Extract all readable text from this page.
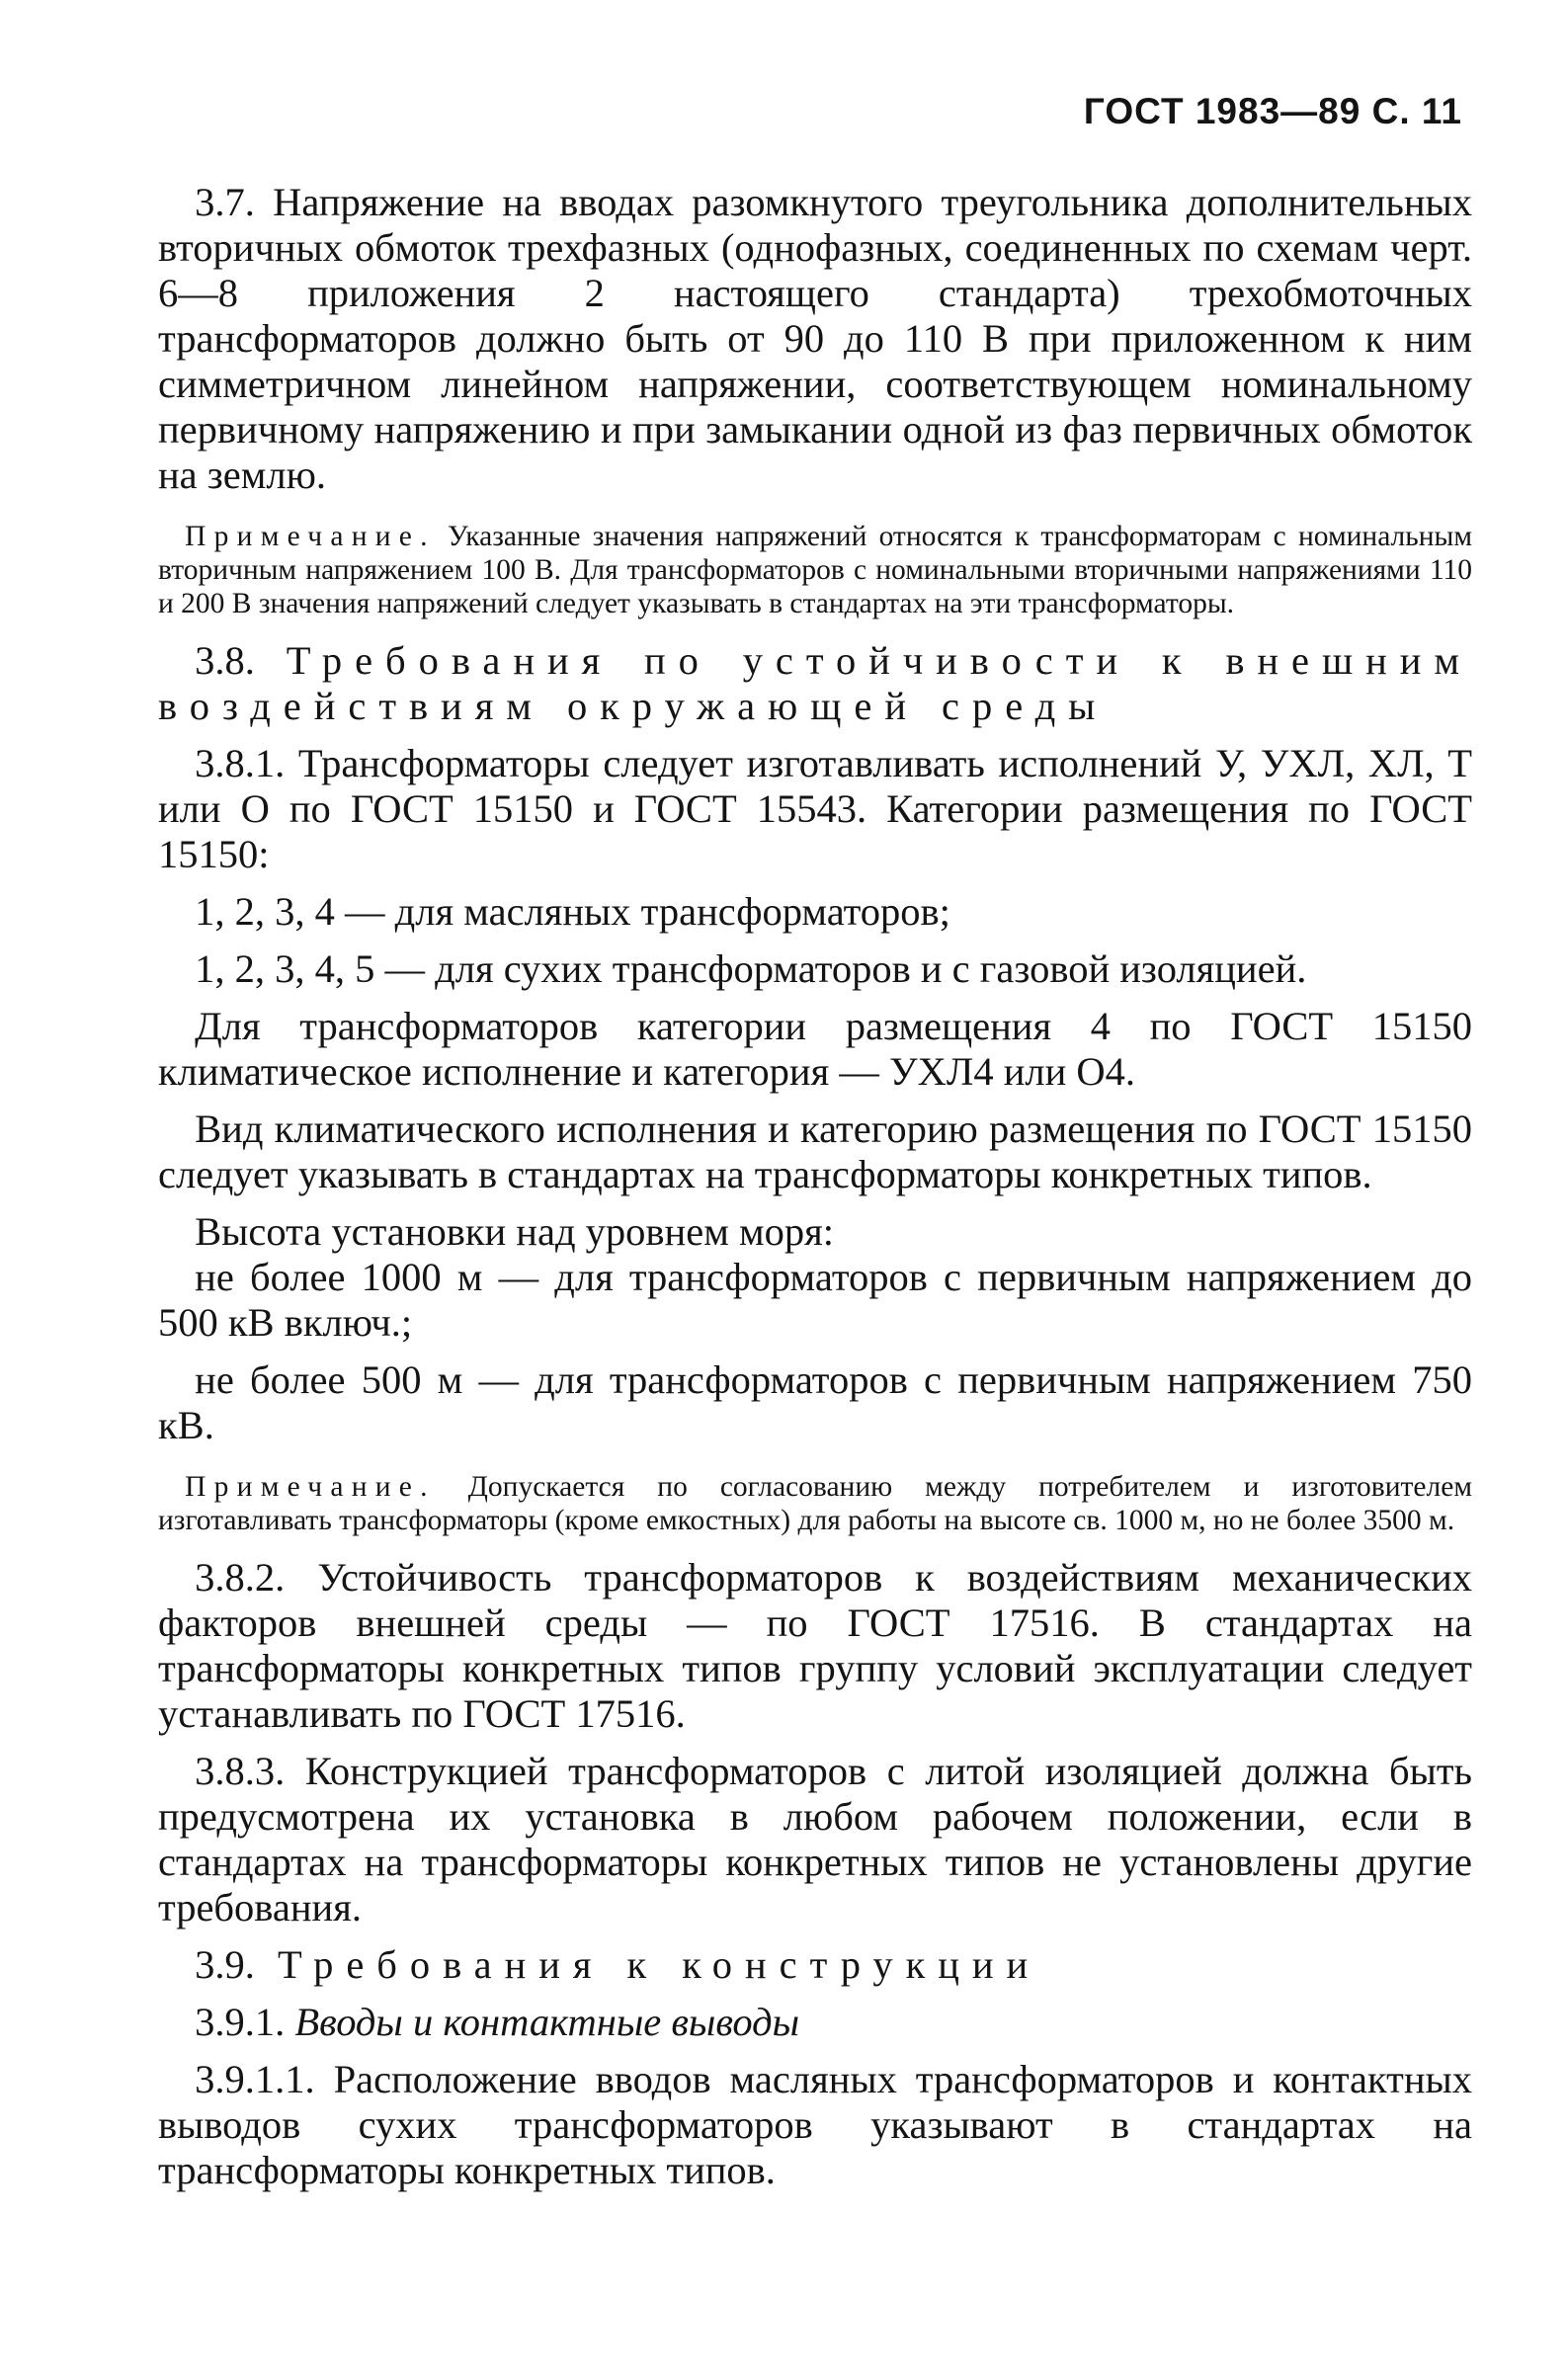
ГОСТ 1983—89 С. 11

3.7. Напряжение на вводах разомкнутого треугольника дополнительных вторичных обмоток трехфазных (однофазных, соединенных по схемам черт. 6—8 приложения 2 настоящего стандарта) трехобмоточных трансформаторов должно быть от 90 до 110 В при приложенном к ним симметричном линейном напряжении, соответствующем номинальному первичному напряжению и при замыкании одной из фаз первичных обмоток на землю.

Примечание. Указанные значения напряжений относятся к трансформаторам с номинальным вторичным напряжением 100 В. Для трансформаторов с номинальными вторичными напряжениями 110 и 200 В значения напряжений следует указывать в стандартах на эти трансформаторы.

3.8. Требования по устойчивости к внешним воздействиям окружающей среды

3.8.1. Трансформаторы следует изготавливать исполнений У, УХЛ, ХЛ, Т или О по ГОСТ 15150 и ГОСТ 15543. Категории размещения по ГОСТ 15150:

1, 2, 3, 4 — для масляных трансформаторов;

1, 2, 3, 4, 5 — для сухих трансформаторов и с газовой изоляцией.

Для трансформаторов категории размещения 4 по ГОСТ 15150 климатическое исполнение и категория — УХЛ4 или О4.

Вид климатического исполнения и категорию размещения по ГОСТ 15150 следует указывать в стандартах на трансформаторы конкретных типов.

Высота установки над уровнем моря:

не более 1000 м — для трансформаторов с первичным напряжением до 500 кВ включ.;

не более 500 м — для трансформаторов с первичным напряжением 750 кВ.

Примечание. Допускается по согласованию между потребителем и изготовителем изготавливать трансформаторы (кроме емкостных) для работы на высоте св. 1000 м, но не более 3500 м.

3.8.2. Устойчивость трансформаторов к воздействиям механических факторов внешней среды — по ГОСТ 17516. В стандартах на трансформаторы конкретных типов группу условий эксплуатации следует устанавливать по ГОСТ 17516.

3.8.3. Конструкцией трансформаторов с литой изоляцией должна быть предусмотрена их установка в любом рабочем положении, если в стандартах на трансформаторы конкретных типов не установлены другие требования.

3.9. Требования к конструкции

3.9.1. Вводы и контактные выводы

3.9.1.1. Расположение вводов масляных трансформаторов и контактных выводов сухих трансформаторов указывают в стандартах на трансформаторы конкретных типов.
